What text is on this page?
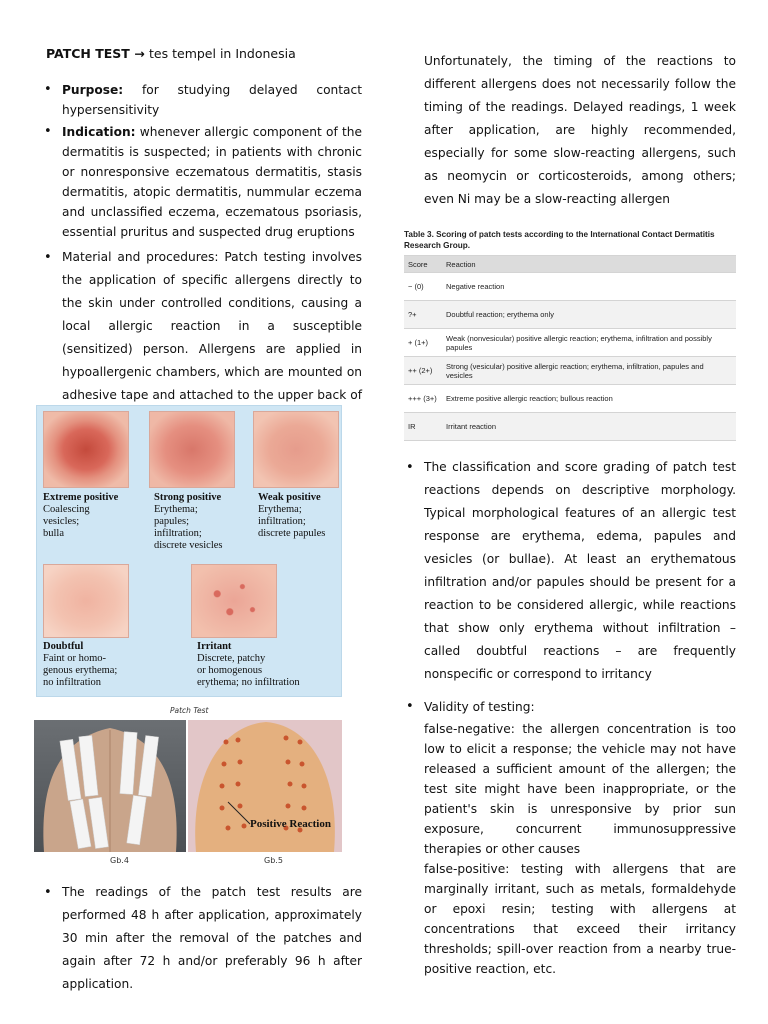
PATCH TEST → tes tempel in Indonesia
• Purpose: for studying delayed contact hypersensitivity
• Indication: whenever allergic component of the dermatitis is suspected; in patients with chronic or nonresponsive eczematous dermatitis, stasis dermatitis, atopic dermatitis, nummular eczema and unclassified eczema, eczematous psoriasis, essential pruritus and suspected drug eruptions
• Material and procedures: Patch testing involves the application of specific allergens directly to the skin under controlled conditions, causing a local allergic reaction in a susceptible (sensitized) person. Allergens are applied in hypoallergenic chambers, which are mounted on adhesive tape and attached to the upper back of
Extreme positive
Coalescing
vesicles;
bulla
Strong positive
Erythema;
papules;
infiltration;
discrete vesicles
Weak positive
Erythema;
infiltration;
discrete papules
Doubtful
Faint or homo-
genous erythema;
no infiltration
Irritant
Discrete, patchy
or homogenous
erythema; no infiltration
Patch Test
Positive Reaction
Gb.4	Gb.5
• The readings of the patch test results are performed 48 h after application, approximately 30 min after the removal of the patches and again after 72 h and/or preferably 96 h after application.

Unfortunately, the timing of the reactions to different allergens does not necessarily follow the timing of the readings. Delayed readings, 1 week after application, are highly recommended, especially for some slow-reacting allergens, such as neomycin or corticosteroids, among others; even Ni may be a slow-reacting allergen

Table 3. Scoring of patch tests according to the International Contact Dermatitis Research Group.
Score	Reaction
− (0)	Negative reaction
?+	Doubtful reaction; erythema only
+ (1+)	Weak (nonvesicular) positive allergic reaction; erythema, infiltration and possibly papules
++ (2+)	Strong (vesicular) positive allergic reaction; erythema, infiltration, papules and vesicles
+++ (3+)	Extreme positive allergic reaction; bullous reaction
IR	Irritant reaction
• The classification and score grading of patch test reactions depends on descriptive morphology. Typical morphological features of an allergic test response are erythema, edema, papules and vesicles (or bullae). At least an erythematous infiltration and/or papules should be present for a reaction to be considered allergic, while reactions that show only erythema without infiltration – called doubtful reactions – are frequently nonspecific or correspond to irritancy
• Validity of testing:
false-negative: the allergen concentration is too low to elicit a response; the vehicle may not have released a sufficient amount of the allergen; the test site might have been inappropriate, or the patient's skin is unresponsive by prior sun exposure, concurrent immunosuppressive therapies or other causes
false-positive: testing with allergens that are marginally irritant, such as metals, formaldehyde or epoxi resin; testing with allergens at concentrations that exceed their irritancy thresholds; spill-over reaction from a nearby true-positive reaction, etc.
